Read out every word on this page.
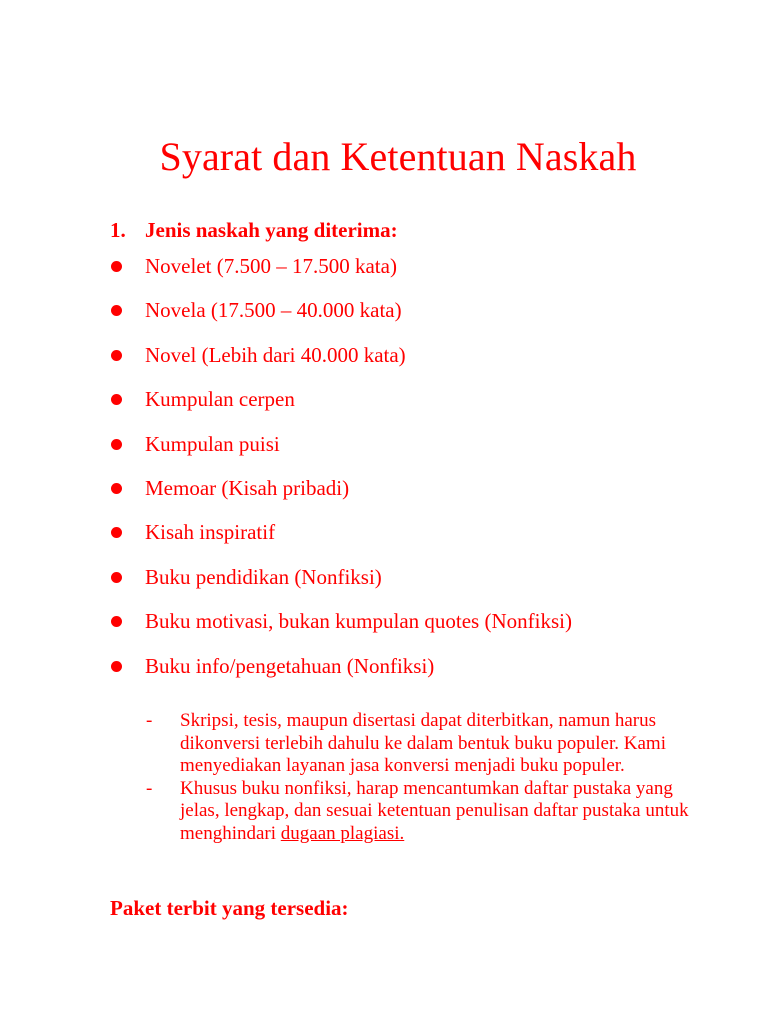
Syarat dan Ketentuan Naskah
1. Jenis naskah yang diterima:
Novelet (7.500 – 17.500 kata)
Novela (17.500 – 40.000 kata)
Novel (Lebih dari 40.000 kata)
Kumpulan cerpen
Kumpulan puisi
Memoar (Kisah pribadi)
Kisah inspiratif
Buku pendidikan (Nonfiksi)
Buku motivasi, bukan kumpulan quotes (Nonfiksi)
Buku info/pengetahuan (Nonfiksi)
- Skripsi, tesis, maupun disertasi dapat diterbitkan, namun harus dikonversi terlebih dahulu ke dalam bentuk buku populer. Kami menyediakan layanan jasa konversi menjadi buku populer.
- Khusus buku nonfiksi, harap mencantumkan daftar pustaka yang jelas, lengkap, dan sesuai ketentuan penulisan daftar pustaka untuk menghindari dugaan plagiasi.
Paket terbit yang tersedia:
